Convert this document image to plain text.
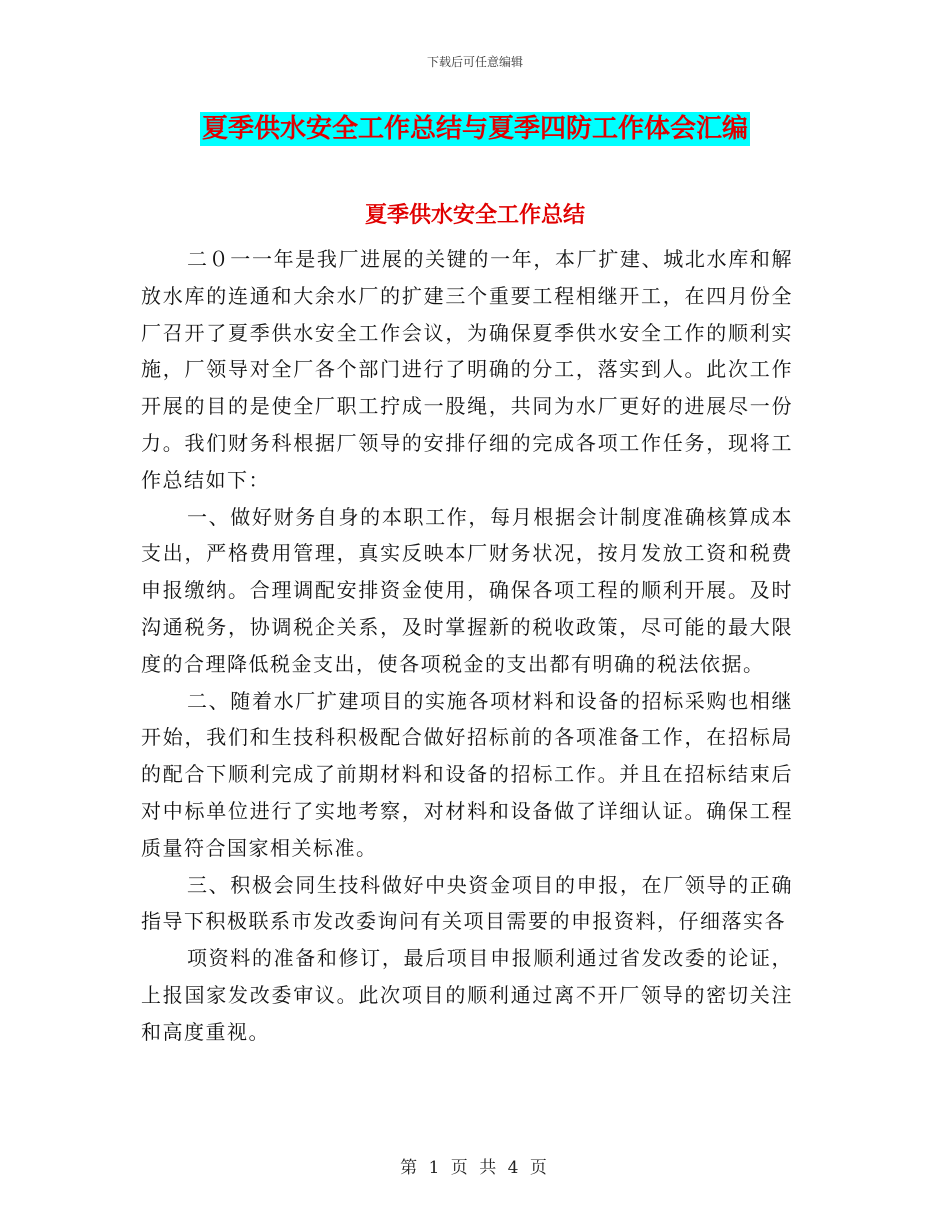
下载后可任意编辑
夏季供水安全工作总结与夏季四防工作体会汇编
夏季供水安全工作总结

二０一一年是我厂进展的关键的一年，本厂扩建、城北水库和解放水库的连通和大余水厂的扩建三个重要工程相继开工，在四月份全厂召开了夏季供水安全工作会议，为确保夏季供水安全工作的顺利实施，厂领导对全厂各个部门进行了明确的分工，落实到人。此次工作开展的目的是使全厂职工拧成一股绳，共同为水厂更好的进展尽一份力。我们财务科根据厂领导的安排仔细的完成各项工作任务，现将工作总结如下：

一、做好财务自身的本职工作，每月根据会计制度准确核算成本支出，严格费用管理，真实反映本厂财务状况，按月发放工资和税费申报缴纳。合理调配安排资金使用，确保各项工程的顺利开展。及时沟通税务，协调税企关系，及时掌握新的税收政策，尽可能的最大限度的合理降低税金支出，使各项税金的支出都有明确的税法依据。

二、随着水厂扩建项目的实施各项材料和设备的招标采购也相继开始，我们和生技科积极配合做好招标前的各项准备工作，在招标局的配合下顺利完成了前期材料和设备的招标工作。并且在招标结束后对中标单位进行了实地考察，对材料和设备做了详细认证。确保工程质量符合国家相关标准。

三、积极会同生技科做好中央资金项目的申报，在厂领导的正确指导下积极联系市发改委询问有关项目需要的申报资料，仔细落实各

项资料的准备和修订，最后项目申报顺利通过省发改委的论证，上报国家发改委审议。此次项目的顺利通过离不开厂领导的密切关注和高度重视。

第 1 页 共 4 页
